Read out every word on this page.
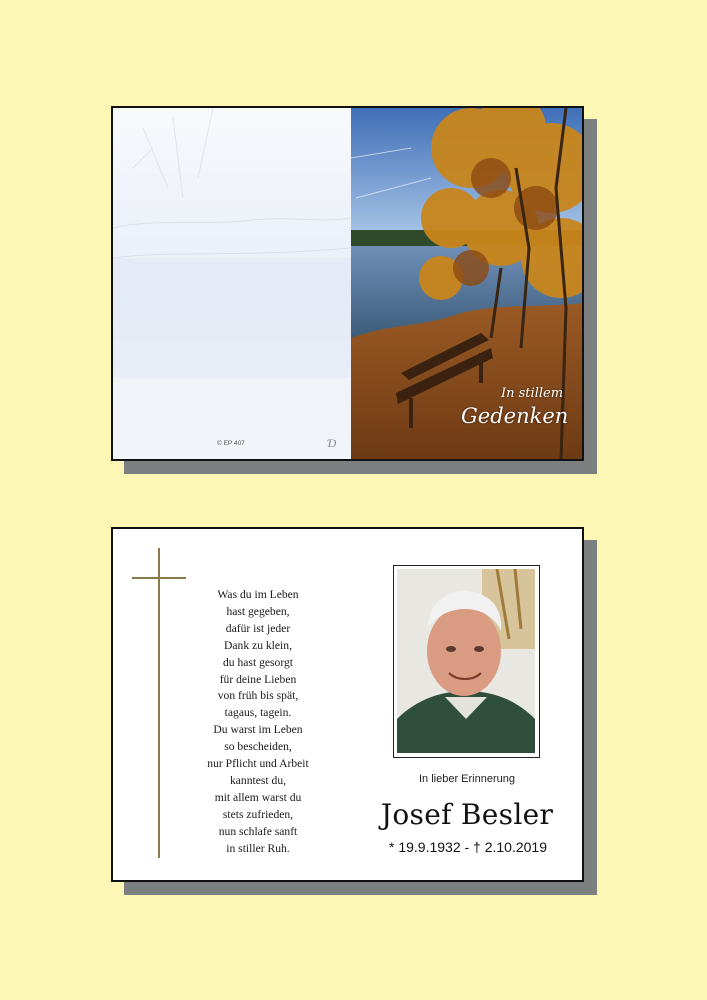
© EP 407	Ɗ
In stillem
Gedenken
Was du im Leben
hast gegeben,
dafür ist jeder
Dank zu klein,
du hast gesorgt
für deine Lieben
von früh bis spät,
tagaus, tagein.
Du warst im Leben
so bescheiden,
nur Pflicht und Arbeit
kanntest du,
mit allem warst du
stets zufrieden,
nun schlafe sanft
in stiller Ruh.
In lieber Erinnerung
Josef Besler
* 19.9.1932 - † 2.10.2019
